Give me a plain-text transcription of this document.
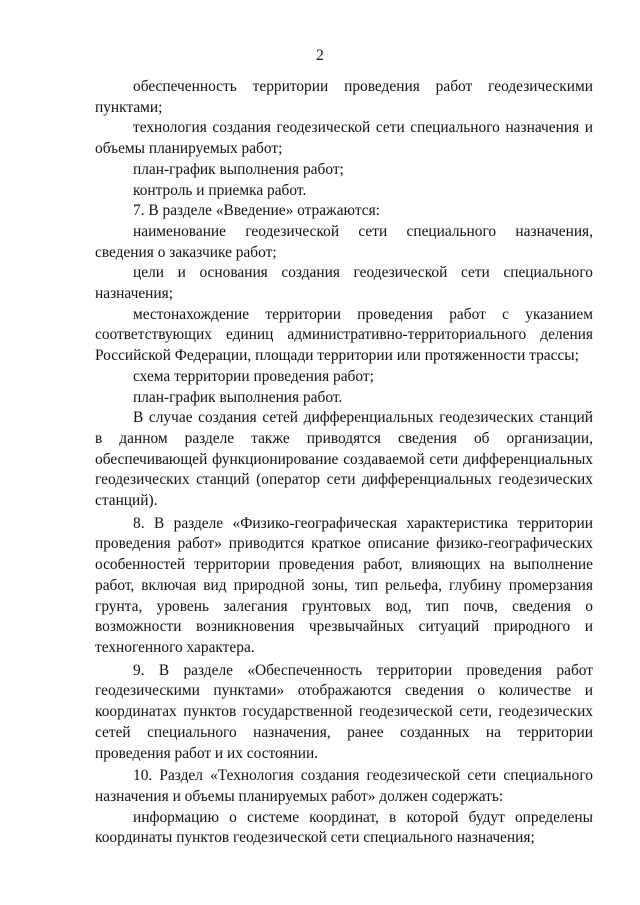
2

обеспеченность территории проведения работ геодезическими пунктами;

технология создания геодезической сети специального назначения и объемы планируемых работ;

план-график выполнения работ;

контроль и приемка работ.

7. В разделе «Введение» отражаются:

наименование геодезической сети специального назначения, сведения о заказчике работ;

цели и основания создания геодезической сети специального назначения;

местонахождение территории проведения работ с указанием соответствующих единиц административно-территориального деления Российской Федерации, площади территории или протяженности трассы;

схема территории проведения работ;

план-график выполнения работ.

В случае создания сетей дифференциальных геодезических станций в данном разделе также приводятся сведения об организации, обеспечивающей функционирование создаваемой сети дифференциальных геодезических станций (оператор сети дифференциальных геодезических станций).

8. В разделе «Физико-географическая характеристика территории проведения работ» приводится краткое описание физико-географических особенностей территории проведения работ, влияющих на выполнение работ, включая вид природной зоны, тип рельефа, глубину промерзания грунта, уровень залегания грунтовых вод, тип почв, сведения о возможности возникновения чрезвычайных ситуаций природного и техногенного характера.

9. В разделе «Обеспеченность территории проведения работ геодезическими пунктами» отображаются сведения о количестве и координатах пунктов государственной геодезической сети, геодезических сетей специального назначения, ранее созданных на территории проведения работ и их состоянии.

10. Раздел «Технология создания геодезической сети специального назначения и объемы планируемых работ» должен содержать:

информацию о системе координат, в которой будут определены координаты пунктов геодезической сети специального назначения;
